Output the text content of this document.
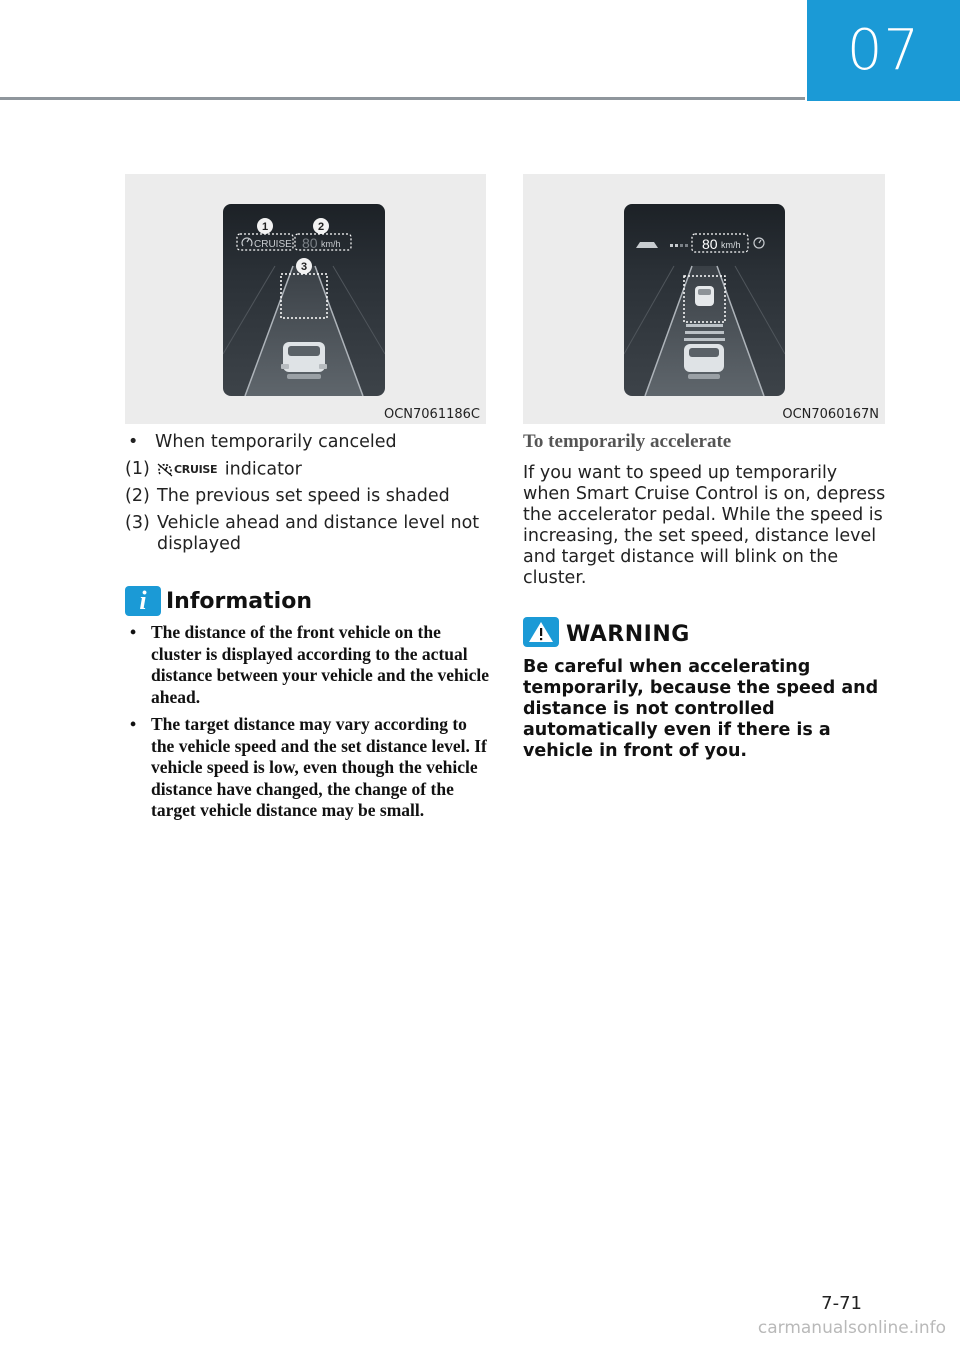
07
CRUISE 80 km/h
1	2
3
OCN7061186C
•   When temporarily canceled
(1) CRUISE indicator
(2) The previous set speed is shaded
(3) Vehicle ahead and distance level not displayed
i Information
• The distance of the front vehicle on the cluster is displayed according to the actual distance between your vehicle and the vehicle ahead.
• The target distance may vary according to the vehicle speed and the set distance level. If vehicle speed is low, even though the vehicle distance have changed, the change of the target vehicle distance may be small.
80 km/h
OCN7060167N
To temporarily accelerate
If you want to speed up temporarily when Smart Cruise Control is on, depress the accelerator pedal. While the speed is increasing, the set speed, distance level and target distance will blink on the cluster.
WARNING
Be careful when accelerating temporarily, because the speed and distance is not controlled automatically even if there is a vehicle in front of you.
7-71
carmanualsonline.info
